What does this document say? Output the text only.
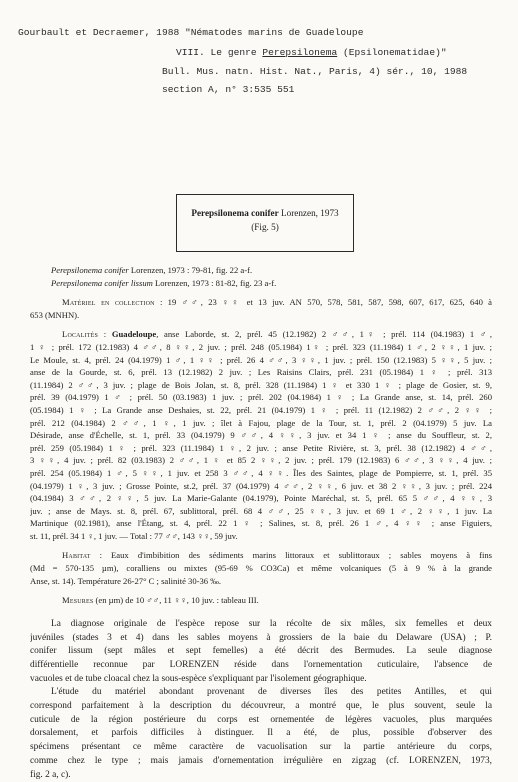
Gourbault et Decraemer, 1988 "Nématodes marins de Guadeloupe
VIII. Le genre Perepsilonema (Epsilonematidae)"
Bull. Mus. natn. Hist. Nat., Paris, 4) sér., 10, 1988
section A, n° 3:535 551
Perepsilonema conifer Lorenzen, 1973
(Fig. 5)
Perepsilonema conifer Lorenzen, 1973 : 79-81, fig. 22 a-f.
Perepsilonema conifer lissum Lorenzen, 1973 : 81-82, fig. 23 a-f.
Matériel en collection : 19 ♂♂, 23 ♀♀ et 13 juv. AN 570, 578, 581, 587, 598, 607, 617, 625, 640 à
653 (MNHN).
Localités : Guadeloupe, anse Laborde, st. 2, prél. 45 (12.1982) 2 ♂♂, 1♀ ; prél. 114 (04.1983) 1 ♂,
1 ♀ ; prél. 172 (12.1983) 4 ♂♂, 8 ♀♀, 2 juv. ; prél. 248 (05.1984) 1♀ ; prél. 323 (11.1984) 1 ♂, 2 ♀♀, 1 juv. ;
Le Moule, st. 4, prél. 24 (04.1979) 1 ♂, 1 ♀♀ ; prél. 26 4 ♂♂, 3 ♀♀, 1 juv. ; prél. 150 (12.1983) 5 ♀♀, 5 juv. ;
anse de la Gourde, st. 6, prél. 13 (12.1982) 2 juv. ; Les Raisins Clairs, prél. 231 (05.1984) 1 ♀ ; prél. 313
(11.1984) 2 ♂♂, 3 juv. ; plage de Bois Jolan, st. 8, prél. 328 (11.1984) 1 ♀ et 330 1 ♀ ; plage de Gosier, st. 9,
prél. 39 (04.1979) 1 ♂ ; prél. 50 (03.1983) 1 juv. ; prél. 202 (04.1984) 1 ♀ ; La Grande anse, st. 14, prél. 260
(05.1984) 1 ♀ ; La Grande anse Deshaies, st. 22, prél. 21 (04.1979) 1 ♀ ; prél. 11 (12.1982) 2 ♂♂, 2 ♀♀ ;
prél. 212 (04.1984) 2 ♂♂, 1 ♀, 1 juv. ; îlet à Fajou, plage de la Tour, st. 1, prél. 2 (04.1979) 5 juv. La
Désirade, anse d'Échelle, st. 1, prél. 33 (04.1979) 9 ♂♂, 4 ♀♀, 3 juv. et 34 1 ♀ ; anse du Souffleur, st. 2,
prél. 259 (05.1984) 1 ♀ ; prél. 323 (11.1984) 1 ♀, 2 juv. ; anse Petite Rivière, st. 3, prél. 38 (12.1982) 4 ♂♂,
3 ♀♀, 4 juv. ; prél. 82 (03.1983) 2 ♂♂, 1 ♀ et 85 2 ♀♀, 2 juv. ; prél. 179 (12.1983) 6 ♂♂, 3 ♀♀, 4 juv. ;
prél. 254 (05.1984) 1 ♂, 5 ♀♀, 1 juv. et 258 3 ♂♂, 4 ♀♀. Îles des Saintes, plage de Pompierre, st. 1, prél. 35
(04.1979) 1 ♀, 3 juv. ; Grosse Pointe, st.2, prél. 37 (04.1979) 4 ♂♂, 2 ♀♀, 6 juv. et 38 2 ♀♀, 3 juv. ; prél. 224
(04.1984) 3 ♂♂, 2 ♀♀, 5 juv. La Marie-Galante (04.1979), Pointe Maréchal, st. 5, prél. 65 5 ♂♂, 4 ♀♀, 3
juv. ; anse de Mays. st. 8, prél. 67, sublittoral, prél. 68 4 ♂♂, 25 ♀♀, 3 juv. et 69 1 ♂, 2 ♀♀, 1 juv. La
Martinique (02.1981), anse l'Étang, st. 4, prél. 22 1 ♀ ; Salines, st. 8, prél. 26 1 ♂, 4 ♀♀ ; anse Figuiers,
st. 11, prél. 34 1 ♀, 1 juv. — Total : 77 ♂♂, 143 ♀♀, 59 juv.
Habitat : Eaux d'imbibition des sédiments marins littoraux et sublittoraux ; sables moyens à fins
(Md = 570-135 µm), coralliens ou mixtes (95-69 % CO3Ca) et même volcaniques (5 à 9 % à la grande
Anse, st. 14). Température 26-27° C ; salinité 30-36 ‰.
Mesures (en µm) de 10 ♂♂, 11 ♀♀, 10 juv. : tableau III.
La diagnose originale de l'espèce repose sur la récolte de six mâles, six femelles et deux
juvéniles (stades 3 et 4) dans les sables moyens à grossiers de la baie du Delaware (USA) ; P.
conifer lissum (sept mâles et sept femelles) a été décrit des Bermudes. La seule diagnose
différentielle reconnue par LORENZEN réside dans l'ornementation cuticulaire, l'absence de
vacuoles et de tube cloacal chez la sous-espèce s'expliquant par l'isolement géographique.
L'étude du matériel abondant provenant de diverses îles des petites Antilles, et qui
correspond parfaitement à la description du découvreur, a montré que, le plus souvent, seule la
cuticule de la région postérieure du corps est ornementée de légères vacuoles, plus marquées
dorsalement, et parfois difficiles à distinguer. Il a été, de plus, possible d'observer des
spécimens présentant ce même caractère de vacuolisation sur la partie antérieure du corps,
comme chez le type ; mais jamais d'ornementation irrégulière en zigzag (cf. LORENZEN, 1973,
fig. 2 a, c).
